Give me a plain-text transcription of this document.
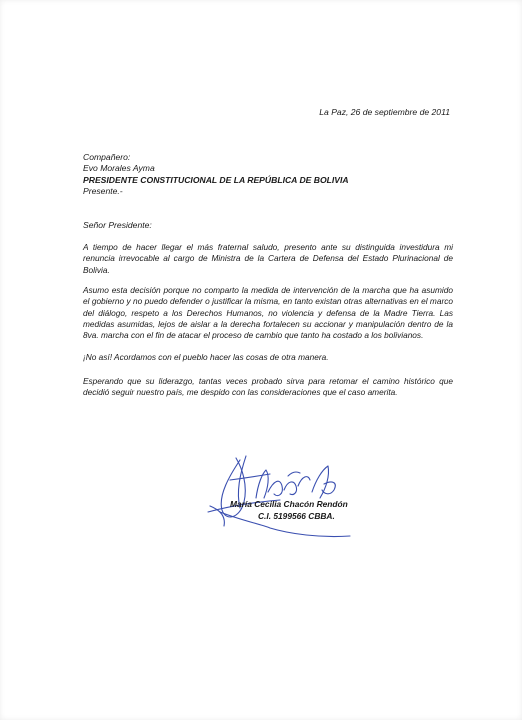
La Paz, 26 de septiembre de 2011
Compañero:
Evo Morales Ayma
PRESIDENTE CONSTITUCIONAL DE LA REPÚBLICA DE BOLIVIA
Presente.-
Señor Presidente:

A tiempo de hacer llegar el más fraternal saludo, presento ante su distinguida investidura mi renuncia irrevocable al cargo de Ministra de la Cartera de Defensa del Estado Plurinacional de Bolivia.

Asumo esta decisión porque no comparto la medida de intervención de la marcha que ha asumido el gobierno y no puedo defender o justificar la misma, en tanto existan otras alternativas en el marco del diálogo, respeto a los Derechos Humanos, no violencia y defensa de la Madre Tierra. Las medidas asumidas, lejos de aislar a la derecha fortalecen su accionar y manipulación dentro de la 8va. marcha con el fin de atacar el proceso de cambio que tanto ha costado a los bolivianos.

¡No así! Acordamos con el pueblo hacer las cosas de otra manera.

Esperando que su liderazgo, tantas veces probado sirva para retomar el camino histórico que decidió seguir nuestro país, me despido con las consideraciones que el caso amerita.

María Cecilia Chacón Rendón
C.I. 5199566 CBBA.
